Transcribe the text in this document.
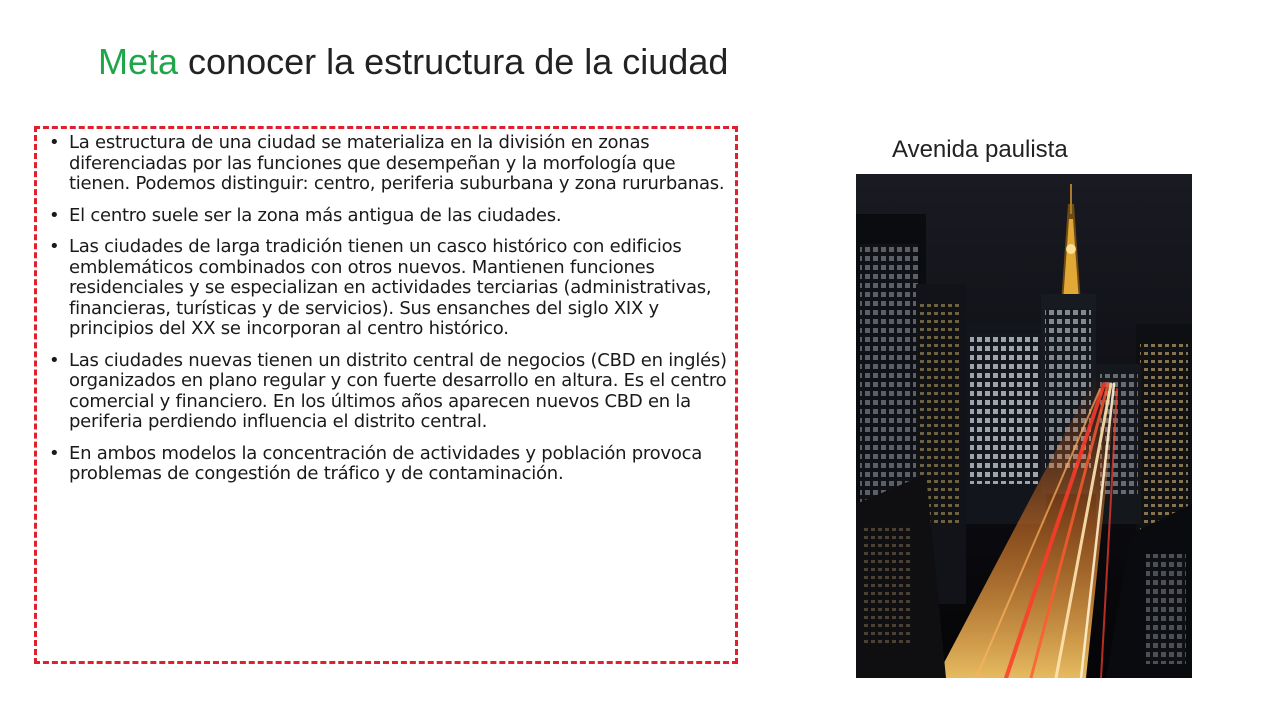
Meta conocer la estructura de la ciudad
• La estructura de una ciudad se materializa en la división en zonas diferenciadas por las funciones que desempeñan y la morfología que tienen. Podemos distinguir: centro, periferia suburbana y zona rururbanas.
• El centro suele ser la zona más antigua de las ciudades.
• Las ciudades de larga tradición tienen un casco histórico con edificios emblemáticos combinados con otros nuevos. Mantienen funciones residenciales y se especializan en actividades terciarias (administrativas, financieras, turísticas y de servicios). Sus ensanches del siglo XIX y principios del XX se incorporan al centro histórico.
• Las ciudades nuevas tienen un distrito central de negocios (CBD en inglés) organizados en plano regular y con fuerte desarrollo en altura. Es el centro comercial y financiero. En los últimos años aparecen nuevos CBD en la periferia perdiendo influencia el distrito central.
• En ambos modelos la concentración de actividades y población provoca problemas de congestión de tráfico y de contaminación.

Avenida paulista
